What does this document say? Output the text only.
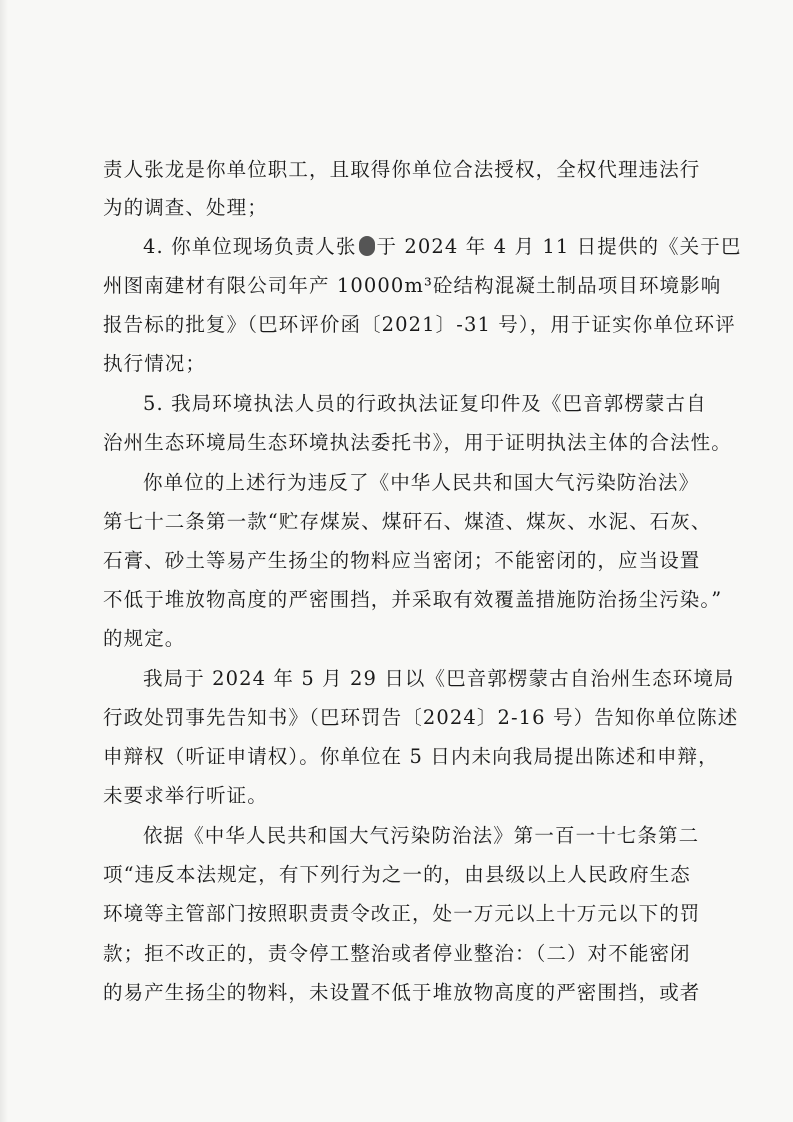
责人张龙是你单位职工，且取得你单位合法授权，全权代理违法行
为的调查、处理；
4. 你单位现场负责人张 于 2024 年 4 月 11 日提供的《关于巴
州图南建材有限公司年产 10000m³砼结构混凝土制品项目环境影响
报告标的批复》（巴环评价函〔2021〕-31 号），用于证实你单位环评
执行情况；
5. 我局环境执法人员的行政执法证复印件及《巴音郭楞蒙古自
治州生态环境局生态环境执法委托书》，用于证明执法主体的合法性。
你单位的上述行为违反了《中华人民共和国大气污染防治法》
第七十二条第一款“贮存煤炭、煤矸石、煤渣、煤灰、水泥、石灰、
石膏、砂土等易产生扬尘的物料应当密闭；不能密闭的，应当设置
不低于堆放物高度的严密围挡，并采取有效覆盖措施防治扬尘污染。”
的规定。
我局于 2024 年 5 月 29 日以《巴音郭楞蒙古自治州生态环境局
行政处罚事先告知书》（巴环罚告〔2024〕2-16 号）告知你单位陈述
申辩权（听证申请权）。你单位在 5 日内未向我局提出陈述和申辩，
未要求举行听证。
依据《中华人民共和国大气污染防治法》第一百一十七条第二
项“违反本法规定，有下列行为之一的，由县级以上人民政府生态
环境等主管部门按照职责责令改正，处一万元以上十万元以下的罚
款；拒不改正的，责令停工整治或者停业整治：（二）对不能密闭
的易产生扬尘的物料，未设置不低于堆放物高度的严密围挡，或者
